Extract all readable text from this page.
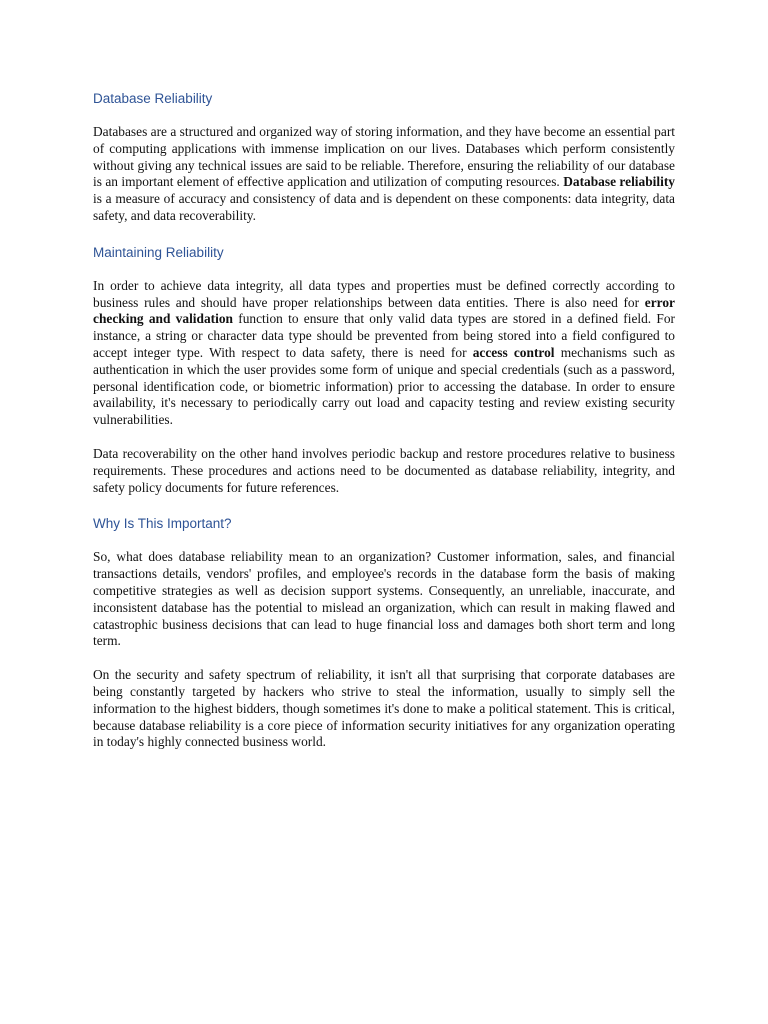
Database Reliability

Databases are a structured and organized way of storing information, and they have become an essential part of computing applications with immense implication on our lives. Databases which perform consistently without giving any technical issues are said to be reliable. Therefore, ensuring the reliability of our database is an important element of effective application and utilization of computing resources. Database reliability is a measure of accuracy and consistency of data and is dependent on these components: data integrity, data safety, and data recoverability.

Maintaining Reliability

In order to achieve data integrity, all data types and properties must be defined correctly according to business rules and should have proper relationships between data entities. There is also need for error checking and validation function to ensure that only valid data types are stored in a defined field. For instance, a string or character data type should be prevented from being stored into a field configured to accept integer type. With respect to data safety, there is need for access control mechanisms such as authentication in which the user provides some form of unique and special credentials (such as a password, personal identification code, or biometric information) prior to accessing the database. In order to ensure availability, it's necessary to periodically carry out load and capacity testing and review existing security vulnerabilities.

Data recoverability on the other hand involves periodic backup and restore procedures relative to business requirements. These procedures and actions need to be documented as database reliability, integrity, and safety policy documents for future references.

Why Is This Important?

So, what does database reliability mean to an organization? Customer information, sales, and financial transactions details, vendors' profiles, and employee's records in the database form the basis of making competitive strategies as well as decision support systems. Consequently, an unreliable, inaccurate, and inconsistent database has the potential to mislead an organization, which can result in making flawed and catastrophic business decisions that can lead to huge financial loss and damages both short term and long term.

On the security and safety spectrum of reliability, it isn't all that surprising that corporate databases are being constantly targeted by hackers who strive to steal the information, usually to simply sell the information to the highest bidders, though sometimes it's done to make a political statement. This is critical, because database reliability is a core piece of information security initiatives for any organization operating in today's highly connected business world.
